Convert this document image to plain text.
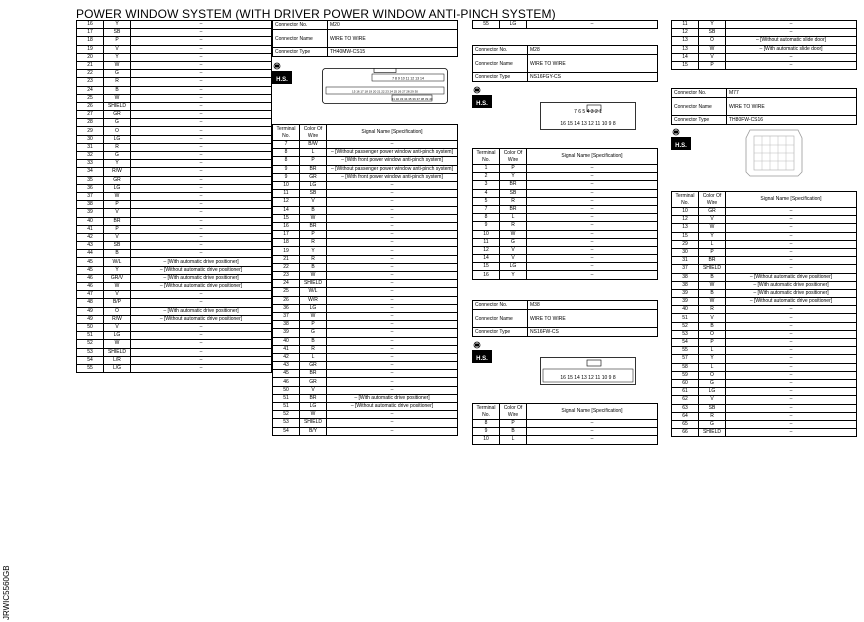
POWER WINDOW SYSTEM (WITH DRIVER POWER WINDOW ANTI-PINCH SYSTEM)
JRWIC5560GB
16	Y	–
17	SB	–
18	P	–
19	V	–
20	Y	–
21	W	–
22	G	–
23	R	–
24	B	–
25	W	–
26	SHIELD	–
27	GR	–
28	G	–
29	O	–
30	LG	–
31	R	–
32	G	–
33	Y	–
34	R/W	–
35	GR	–
36	LG	–
37	W	–
38	P	–
39	V	–
40	BR	–
41	P	–
42	V	–
43	SB	–
44	B	–
45	W/L	– [With automatic drive positioner]
45	Y	– [Without automatic drive positioner]
46	GR/V	– [With automatic drive positioner]
46	W	– [Without automatic drive positioner]
47	V	–
48	B/P	–
49	O	– [With automatic drive positioner]
49	R/W	– [Without automatic drive positioner]
50	V	–
51	LG	–
52	W	–
53	SHIELD	–
54	L/R	–
55	L/G	–
Connector No.	M20
Connector Name	WIRE TO WIRE
Connector Type	TH40MW-CS15
H.S.	7 8 9 10 11 12 13 14
15 16 17 18 19 20 21 22 23 24 25 26 27 28 29 30
31 32 33 34 35 36 37 38 39 40
Terminal No.	Color Of Wire	Signal Name [Specification]
7	B/W	–
8	L	– [Without passenger power window anti-pinch system]
8	P	– [With front power window anti-pinch system]
9	BR	– [Without passenger power window anti-pinch system]
9	GR	– [With front power window anti-pinch system]
10	LG	–
11	SB	–
12	V	–
14	B	–
15	W	–
16	BR	–
17	P	–
18	R	–
19	Y	–
21	R	–
22	B	–
23	W	–
24	SHIELD	–
25	W/L	–
26	W/R	–
36	LG	–
37	W	–
38	P	–
39	G	–
40	B	–
41	R	–
42	L	–
43	GR	–
45	BR	–
46	GR	–
50	V	–
51	BR	– [With automatic drive positioner]
51	LG	– [Without automatic drive positioner]
52	W	–
53	SHIELD	–
54	B/Y	–
55	LG	–
Connector No.	M28
Connector Name	WIRE TO WIRE
Connector Type	NS16FGY-CS
H.S.
7 6 5 4 3 2 1
16 15 14 13 12 11 10 9 8
Terminal No.	Color Of Wire	Signal Name [Specification]
1	P	–
2	Y	–
3	BR	–
4	SB	–
5	R	–
7	BR	–
8	L	–
9	R	–
10	W	–
11	G	–
12	V	–
14	V	–
15	LG	–
16	Y	–
Connector No.	M38
Connector Name	WIRE TO WIRE
Connector Type	NS16FW-CS
H.S.
16 15 14 13 12 11 10 9 8
Terminal No.	Color Of Wire	Signal Name [Specification]
8	P	–
9	B	–
10	L	–
11	Y	–
12	SB	–
13	O	– [Without automatic slide door]
13	W	– [With automatic slide door]
14	V	–
15	P	–
Connector No.	M77
Connector Name	WIRE TO WIRE
Connector Type	TH80FW-CS16
H.S.
Terminal No.	Color Of Wire	Signal Name [Specification]
10	GR	–
12	V	–
13	W	–
15	Y	–
29	L	–
30	P	–
31	BR	–
37	SHIELD	–
38	B	– [Without automatic drive positioner]
38	W	– [With automatic drive positioner]
39	B	– [With automatic drive positioner]
39	W	– [Without automatic drive positioner]
40	R	–
51	V	–
52	B	–
53	O	–
54	P	–
55	L	–
57	Y	–
58	L	–
59	O	–
60	G	–
61	LG	–
62	V	–
63	SB	–
64	R	–
65	G	–
66	SHIELD	–
